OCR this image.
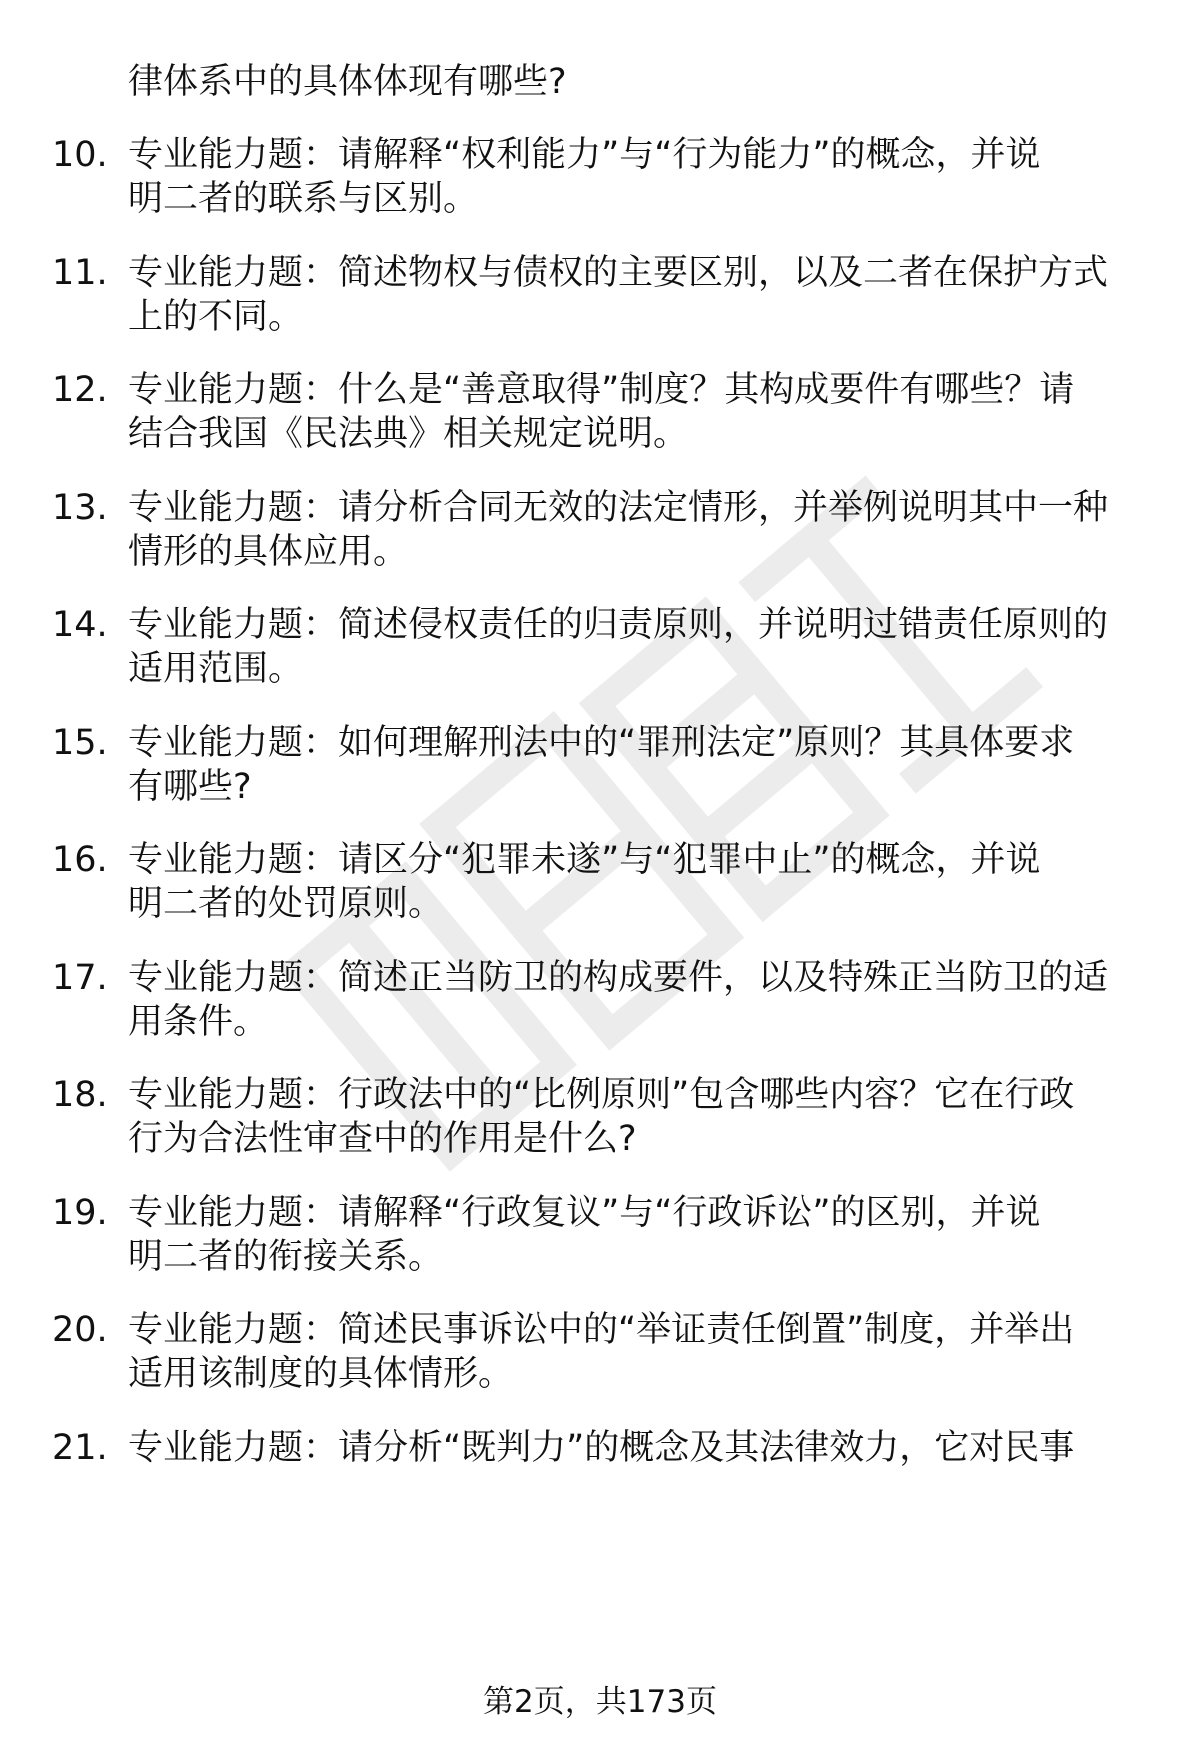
律体系中的具体体现有哪些?
10. 专业能力题：请解释“权利能力”与“行为能力”的概念，并说
明二者的联系与区别。
11. 专业能力题：简述物权与债权的主要区别，以及二者在保护方式
上的不同。
12. 专业能力题：什么是“善意取得”制度？其构成要件有哪些？请
结合我国《民法典》相关规定说明。
13. 专业能力题：请分析合同无效的法定情形，并举例说明其中一种
情形的具体应用。
14. 专业能力题：简述侵权责任的归责原则，并说明过错责任原则的
适用范围。
15. 专业能力题：如何理解刑法中的“罪刑法定”原则？其具体要求
有哪些?
16. 专业能力题：请区分“犯罪未遂”与“犯罪中止”的概念，并说
明二者的处罚原则。
17. 专业能力题：简述正当防卫的构成要件，以及特殊正当防卫的适
用条件。
18. 专业能力题：行政法中的“比例原则”包含哪些内容？它在行政
行为合法性审查中的作用是什么?
19. 专业能力题：请解释“行政复议”与“行政诉讼”的区别，并说
明二者的衔接关系。
20. 专业能力题：简述民事诉讼中的“举证责任倒置”制度，并举出
适用该制度的具体情形。
21. 专业能力题：请分析“既判力”的概念及其法律效力，它对民事
第2页，共173页
